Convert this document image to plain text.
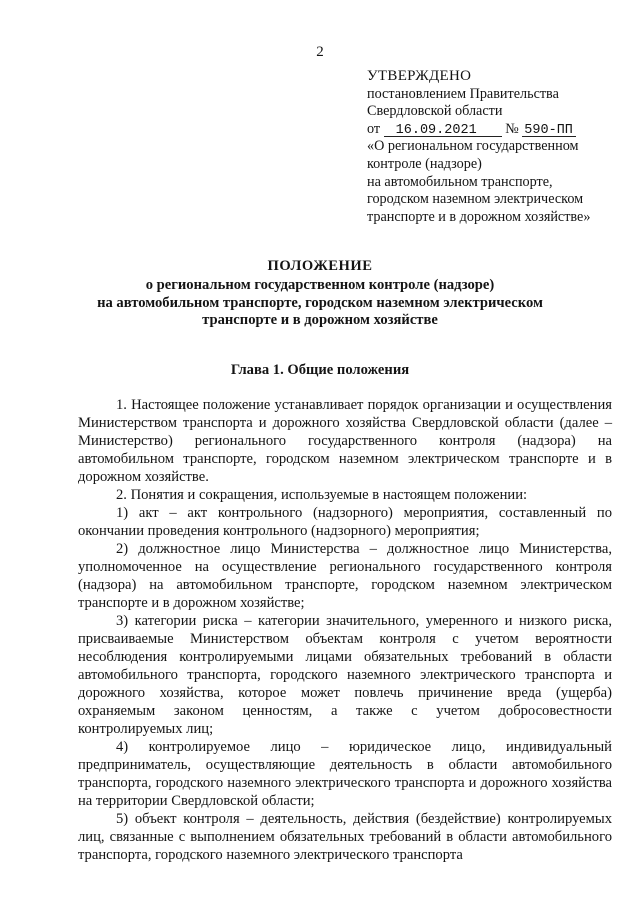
2
УТВЕРЖДЕНО
постановлением Правительства
Свердловской области
от 16.09.2021 № 590-ПП
«О региональном государственном
контроле (надзоре)
на автомобильном транспорте,
городском наземном электрическом
транспорте и в дорожном хозяйстве»
ПОЛОЖЕНИЕ
о региональном государственном контроле (надзоре)
на автомобильном транспорте, городском наземном электрическом
транспорте и в дорожном хозяйстве
Глава 1. Общие положения

1. Настоящее положение устанавливает порядок организации и осуществления Министерством транспорта и дорожного хозяйства Свердловской области (далее – Министерство) регионального государственного контроля (надзора) на автомобильном транспорте, городском наземном электрическом транспорте и в дорожном хозяйстве.

2. Понятия и сокращения, используемые в настоящем положении:

1) акт – акт контрольного (надзорного) мероприятия, составленный по окончании проведения контрольного (надзорного) мероприятия;

2) должностное лицо Министерства – должностное лицо Министерства, уполномоченное на осуществление регионального государственного контроля (надзора) на автомобильном транспорте, городском наземном электрическом транспорте и в дорожном хозяйстве;

3) категории риска – категории значительного, умеренного и низкого риска, присваиваемые Министерством объектам контроля с учетом вероятности несоблюдения контролируемыми лицами обязательных требований в области автомобильного транспорта, городского наземного электрического транспорта и дорожного хозяйства, которое может повлечь причинение вреда (ущерба) охраняемым законом ценностям, а также с учетом добросовестности контролируемых лиц;

4) контролируемое лицо – юридическое лицо, индивидуальный предприниматель, осуществляющие деятельность в области автомобильного транспорта, городского наземного электрического транспорта и дорожного хозяйства на территории Свердловской области;

5) объект контроля – деятельность, действия (бездействие) контролируемых лиц, связанные с выполнением обязательных требований в области автомобильного транспорта, городского наземного электрического транспорта
